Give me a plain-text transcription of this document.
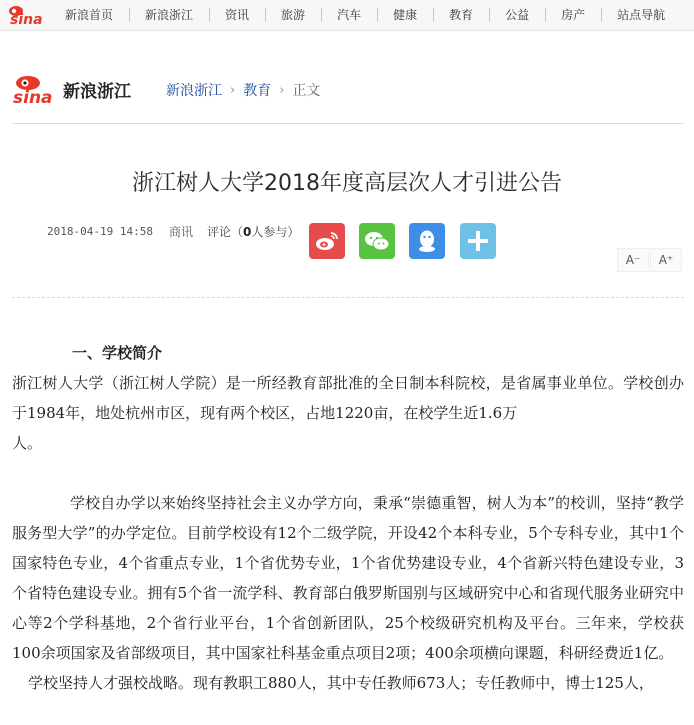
sina	新浪首页	新浪浙江	资讯	旅游	汽车	健康	教育	公益	房产	站点导航
sina 新浪浙江	新浪浙江 › 教育 › 正文
浙江树人大学2018年度高层次人才引进公告
2018-04-19 14:58 商讯 评论（0人参与）
A⁻	A⁺

一、学校简介

浙江树人大学（浙江树人学院）是一所经教育部批准的全日制本科院校，是省属事业单位。学校创办于1984年，地处杭州市区，现有两个校区，占地1220亩，在校学生近1.6万

人。

学校自办学以来始终坚持社会主义办学方向，秉承“崇德重智，树人为本”的校训，坚持“教学服务型大学”的办学定位。目前学校设有12个二级学院，开设42个本科专业，5个专科专业，其中1个国家特色专业，4个省重点专业，1个省优势专业，1个省优势建设专业，4个省新兴特色建设专业，3个省特色建设专业。拥有5个省一流学科、教育部白俄罗斯国别与区域研究中心和省现代服务业研究中心等2个学科基地，2个省行业平台，1个省创新团队，25个校级研究机构及平台。三年来，学校获100余项国家及省部级项目，其中国家社科基金重点项目2项；400余项横向课题，科研经费近1亿。

学校坚持人才强校战略。现有教职工880人，其中专任教师673人；专任教师中，博士125人，
